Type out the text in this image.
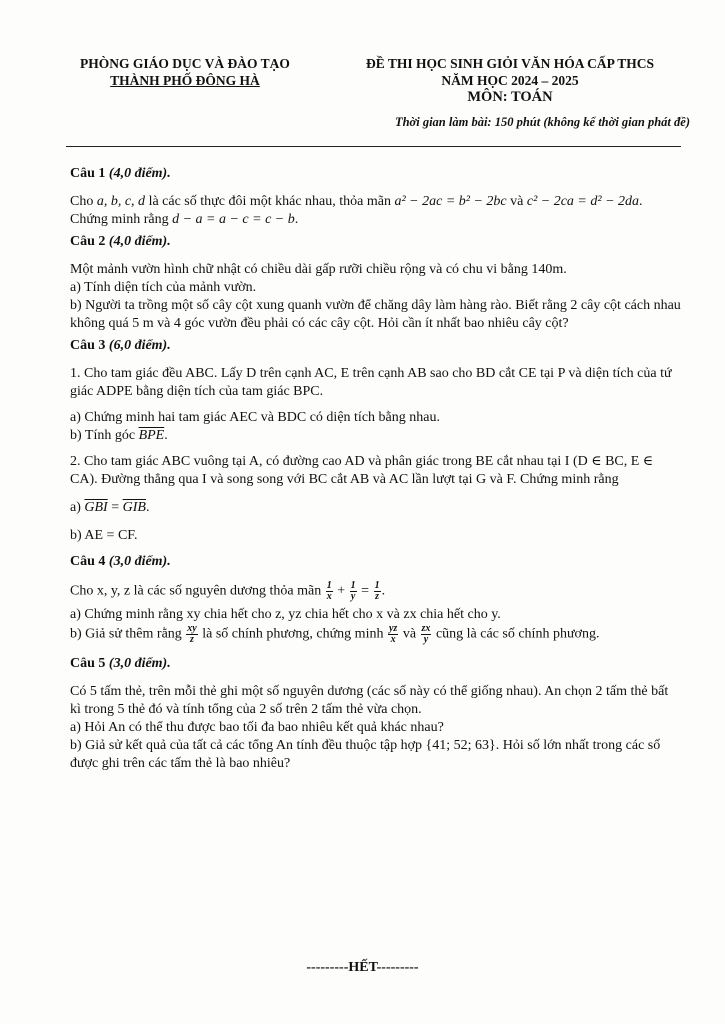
PHÒNG GIÁO DỤC VÀ ĐÀO TẠO
THÀNH PHỐ ĐÔNG HÀ
ĐỀ THI HỌC SINH GIỎI VĂN HÓA CẤP THCS
NĂM HỌC 2024 – 2025
MÔN: TOÁN
Thời gian làm bài: 150 phút (không kể thời gian phát đề)

Câu 1 (4,0 điểm).

Cho a, b, c, d là các số thực đôi một khác nhau, thỏa mãn a² − 2ac = b² − 2bc và c² − 2ca = d² − 2da. Chứng minh rằng d − a = a − c = c − b.

Câu 2 (4,0 điểm).

Một mảnh vườn hình chữ nhật có chiều dài gấp rưỡi chiều rộng và có chu vi bằng 140m.

a) Tính diện tích của mảnh vườn.

b) Người ta trồng một số cây cột xung quanh vườn để chăng dây làm hàng rào. Biết rằng 2 cây cột cách nhau không quá 5 m và 4 góc vườn đều phải có các cây cột. Hỏi cần ít nhất bao nhiêu cây cột?

Câu 3 (6,0 điểm).

1. Cho tam giác đều ABC. Lấy D trên cạnh AC, E trên cạnh AB sao cho BD cắt CE tại P và diện tích của tứ giác ADPE bằng diện tích của tam giác BPC.

a) Chứng minh hai tam giác AEC và BDC có diện tích bằng nhau.

b) Tính góc $\overline{BPE}$.

2. Cho tam giác ABC vuông tại A, có đường cao AD và phân giác trong BE cắt nhau tại I (D ∈ BC, E ∈ CA). Đường thẳng qua I và song song với BC cắt AB và AC lần lượt tại G và F. Chứng minh rằng

a) $\overline{GBI} = \overline{GIB}$.

b) AE = CF.

Câu 4 (3,0 điểm).

Cho x, y, z là các số nguyên dương thỏa mãn $\frac{1}{x} + \frac{1}{y} = \frac{1}{z}$ .

a) Chứng minh rằng xy chia hết cho z, yz chia hết cho x và zx chia hết cho y.

b) Giả sử thêm rằng $\frac{xy}{z}$ là số chính phương, chứng minh $\frac{yz}{x}$ và $\frac{zx}{y}$ cũng là các số chính phương.

Câu 5 (3,0 điểm).

Có 5 tấm thẻ, trên mỗi thẻ ghi một số nguyên dương (các số này có thể giống nhau). An chọn 2 tấm thẻ bất kì trong 5 thẻ đó và tính tổng của 2 số trên 2 tấm thẻ vừa chọn.

a) Hỏi An có thể thu được bao tối đa bao nhiêu kết quả khác nhau?

b) Giả sử kết quả của tất cả các tổng An tính đều thuộc tập hợp {41; 52; 63}. Hỏi số lớn nhất trong các số được ghi trên các tấm thẻ là bao nhiêu?

---------HẾT---------
